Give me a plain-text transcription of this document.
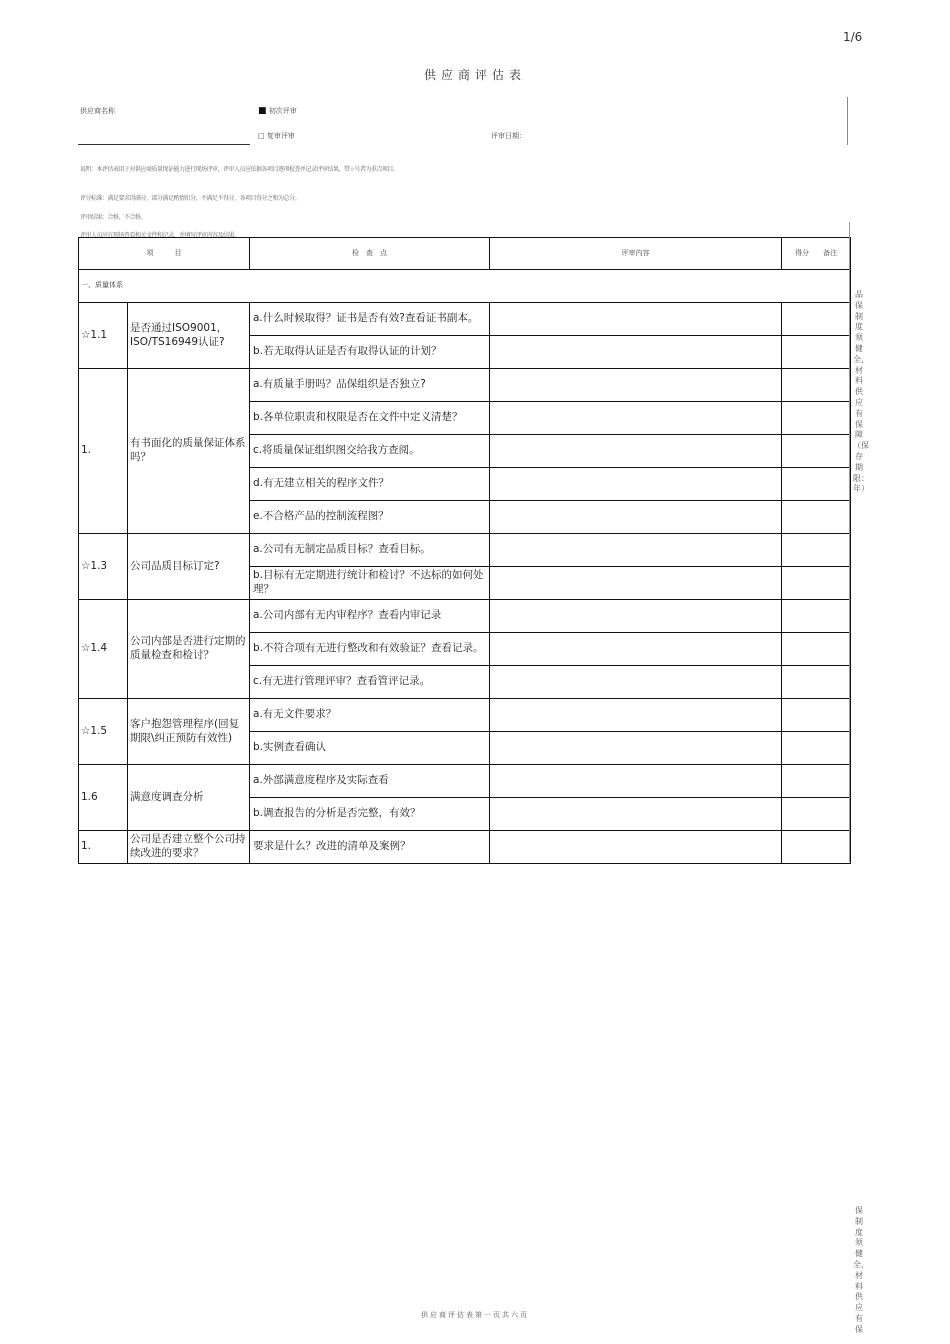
1/6
供应商评估表
供应商名称	■ 初次评审
□ 复审评审	评审日期：
说明：本评估表用于对供应商质量保证能力进行现场评审，评审人员应依据各项目逐项检查并记录评审结果，带☆号者为重点项目。
评分标准：满足要求得满分，部分满足酌情扣分，不满足不得分，各项目得分之和为总分。
评审结果：合格、不合格。
评审人员应在现场查看相关文件和记录，并填写评审内容及结果。
项　　　目		检　查　点	评审内容	得分　　备注
一、质量体系				
☆1.1	是否通过ISO9001，ISO/TS16949认证?	a.什么时候取得？证书是否有效?查看证书副本。		
		b.若无取得认证是否有取得认证的计划？		
1.	有书面化的质量保证体系吗？	a.有质量手册吗？品保组织是否独立?		
		b.各单位职责和权限是否在文件中定义清楚？		
		c.将质量保证组织图交给我方查阅。		
		d.有无建立相关的程序文件？		
		e.不合格产品的控制流程图？		
☆1.3	公司品质目标订定?	a.公司有无制定品质目标？查看目标。		
		b.目标有无定期进行统计和检讨？不达标的如何处理？		
☆1.4	公司内部是否进行定期的质量检查和检讨？	a.公司内部有无内审程序？查看内审记录		
		b.不符合项有无进行整改和有效验证？查看记录。		
		c.有无进行管理评审？查看管评记录。		
☆1.5	客户抱怨管理程序(回复期限\纠正预防有效性)	a.有无文件要求？		
		b.实例查看确认		
1.6	满意度调查分析	a.外部满意度程序及实际查看		
		b.调查报告的分析是否完整，有效？		
1.	公司是否建立整个公司持续改进的要求？	要求是什么？改进的清单及案例？		
品保制度须健全，材料供应有保障（保存期限：年）
保制度须健全，材料供应有保
供应商评估表第一页共六页
